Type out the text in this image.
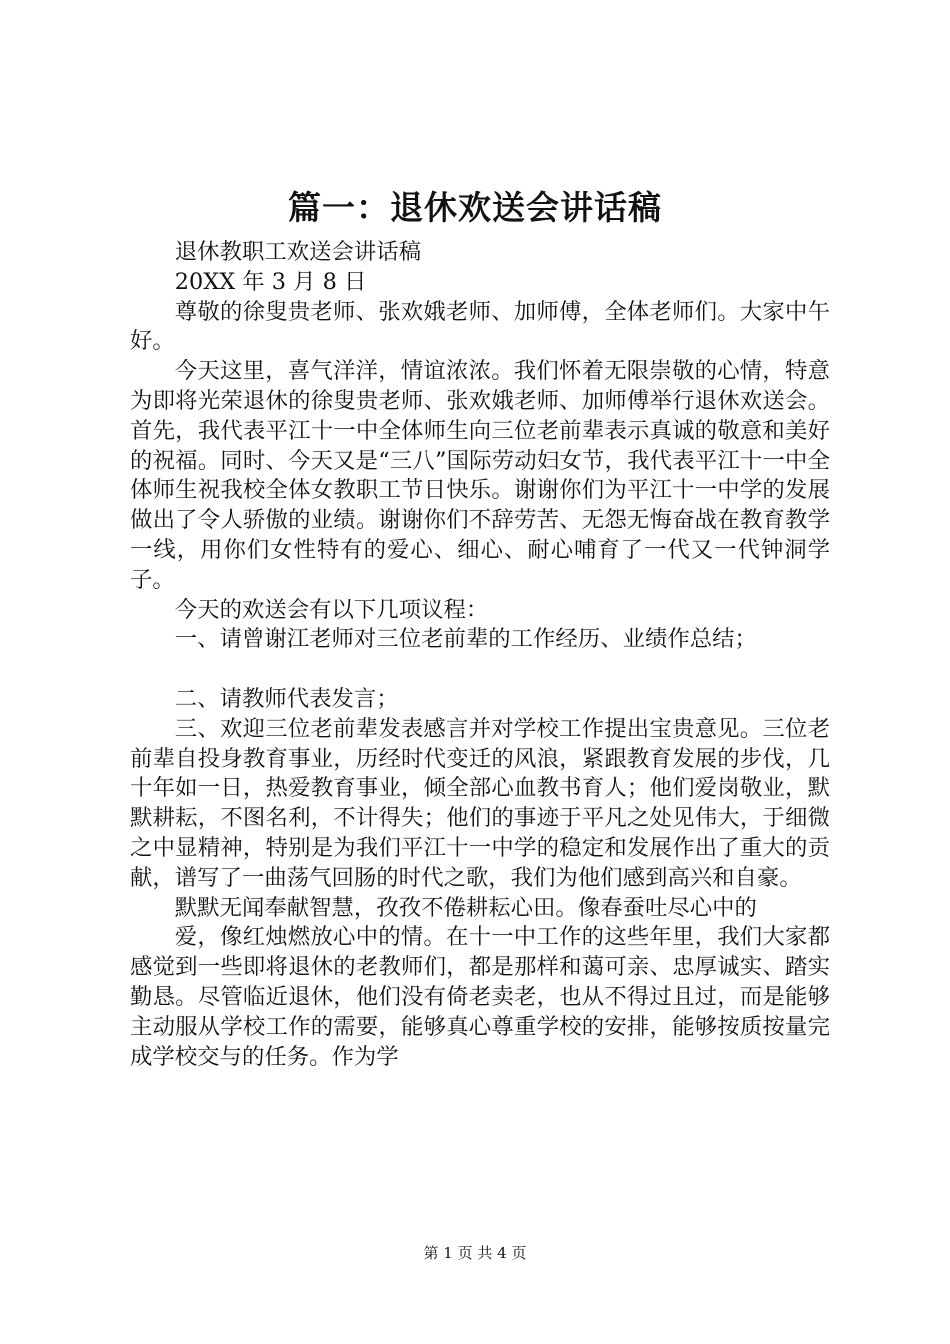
篇一：退休欢送会讲话稿

退休教职工欢送会讲话稿

20XX 年 3 月 8 日

尊敬的徐叟贵老师、张欢娥老师、加师傅，全体老师们。大家中午好。

今天这里，喜气洋洋，情谊浓浓。我们怀着无限崇敬的心情，特意为即将光荣退休的徐叟贵老师、张欢娥老师、加师傅举行退休欢送会。首先，我代表平江十一中全体师生向三位老前辈表示真诚的敬意和美好的祝福。同时、今天又是“三八”国际劳动妇女节，我代表平江十一中全体师生祝我校全体女教职工节日快乐。谢谢你们为平江十一中学的发展做出了令人骄傲的业绩。谢谢你们不辞劳苦、无怨无悔奋战在教育教学一线，用你们女性特有的爱心、细心、耐心哺育了一代又一代钟洞学子。

今天的欢送会有以下几项议程：

一、请曾谢江老师对三位老前辈的工作经历、业绩作总结；

二、请教师代表发言；

三、欢迎三位老前辈发表感言并对学校工作提出宝贵意见。三位老前辈自投身教育事业，历经时代变迁的风浪，紧跟教育发展的步伐，几十年如一日，热爱教育事业，倾全部心血教书育人；他们爱岗敬业，默默耕耘，不图名利，不计得失；他们的事迹于平凡之处见伟大，于细微之中显精神，特别是为我们平江十一中学的稳定和发展作出了重大的贡献，谱写了一曲荡气回肠的时代之歌，我们为他们感到高兴和自豪。

默默无闻奉献智慧，孜孜不倦耕耘心田。像春蚕吐尽心中的

爱，像红烛燃放心中的情。在十一中工作的这些年里，我们大家都感觉到一些即将退休的老教师们，都是那样和蔼可亲、忠厚诚实、踏实勤恳。尽管临近退休，他们没有倚老卖老，也从不得过且过，而是能够主动服从学校工作的需要，能够真心尊重学校的安排，能够按质按量完成学校交与的任务。作为学

第 1 页 共 4 页
